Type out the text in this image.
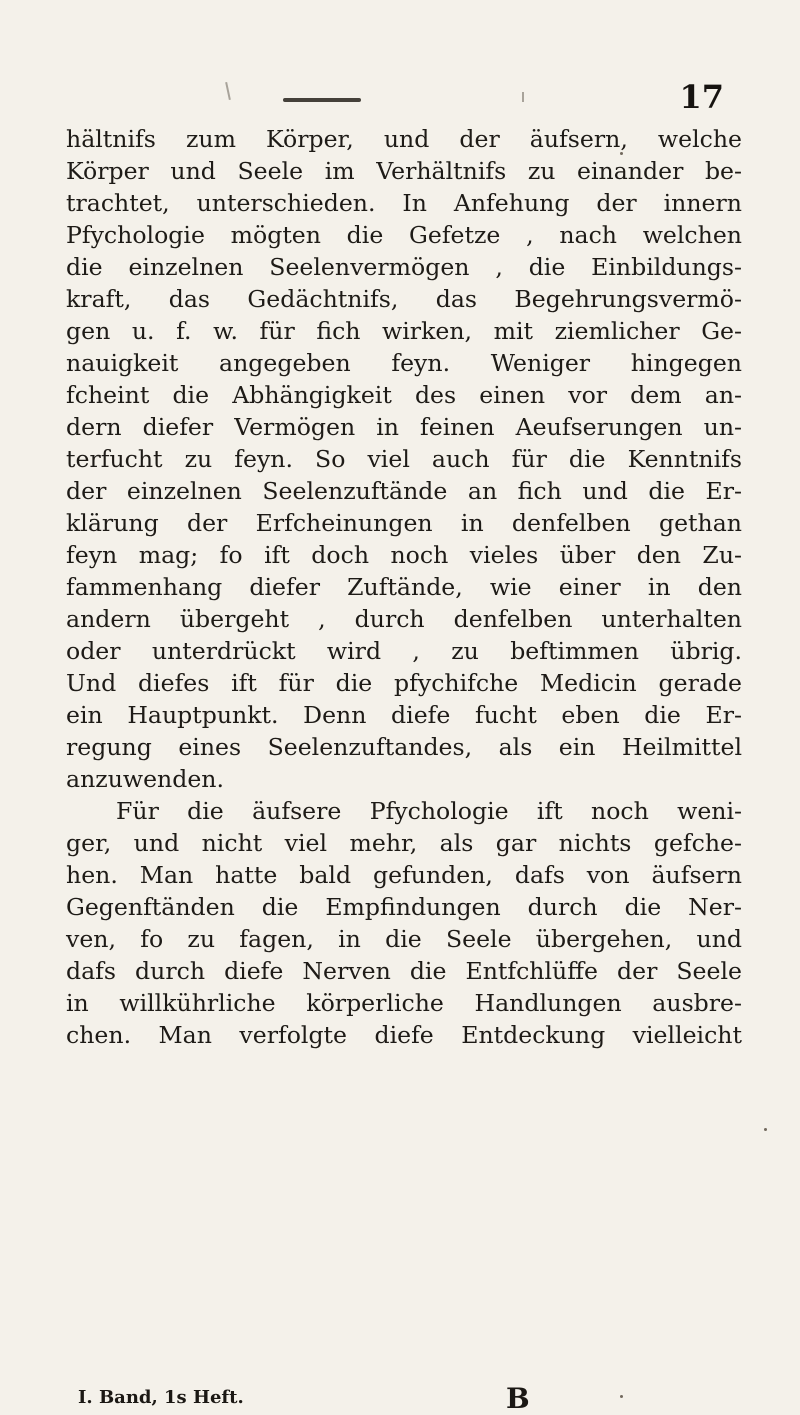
17
hältnifs zum Körper, und der äufsern, welche
Körper und Seele im Verhältnifs zu einander be-
trachtet, unterschieden. In Anfehung der innern
Pfychologie mögten die Gefetze , nach welchen
die einzelnen Seelenvermögen , die Einbildungs-
kraft, das Gedächtnifs, das Begehrungsvermö-
gen u. f. w. für fich wirken, mit ziemlicher Ge-
nauigkeit angegeben feyn. Weniger hingegen
fcheint die Abhängigkeit des einen vor dem an-
dern diefer Vermögen in feinen Aeufserungen un-
terfucht zu feyn. So viel auch für die Kenntnifs
der einzelnen Seelenzuftände an fich und die Er-
klärung der Erfcheinungen in denfelben gethan
feyn mag; fo ift doch noch vieles über den Zu-
fammenhang diefer Zuftände, wie einer in den
andern übergeht , durch denfelben unterhalten
oder unterdrückt wird , zu beftimmen übrig.
Und diefes ift für die pfychifche Medicin gerade
ein Hauptpunkt. Denn diefe fucht eben die Er-
regung eines Seelenzuftandes, als ein Heilmittel
anzuwenden.
Für die äufsere Pfychologie ift noch weni-
ger, und nicht viel mehr, als gar nichts gefche-
hen. Man hatte bald gefunden, dafs von äufsern
Gegenftänden die Empfindungen durch die Ner-
ven, fo zu fagen, in die Seele übergehen, und
dafs durch diefe Nerven die Entfchlüffe der Seele
in willkührliche körperliche Handlungen ausbre-
chen. Man verfolgte diefe Entdeckung vielleicht
I. Band, 1s Heft.	B
